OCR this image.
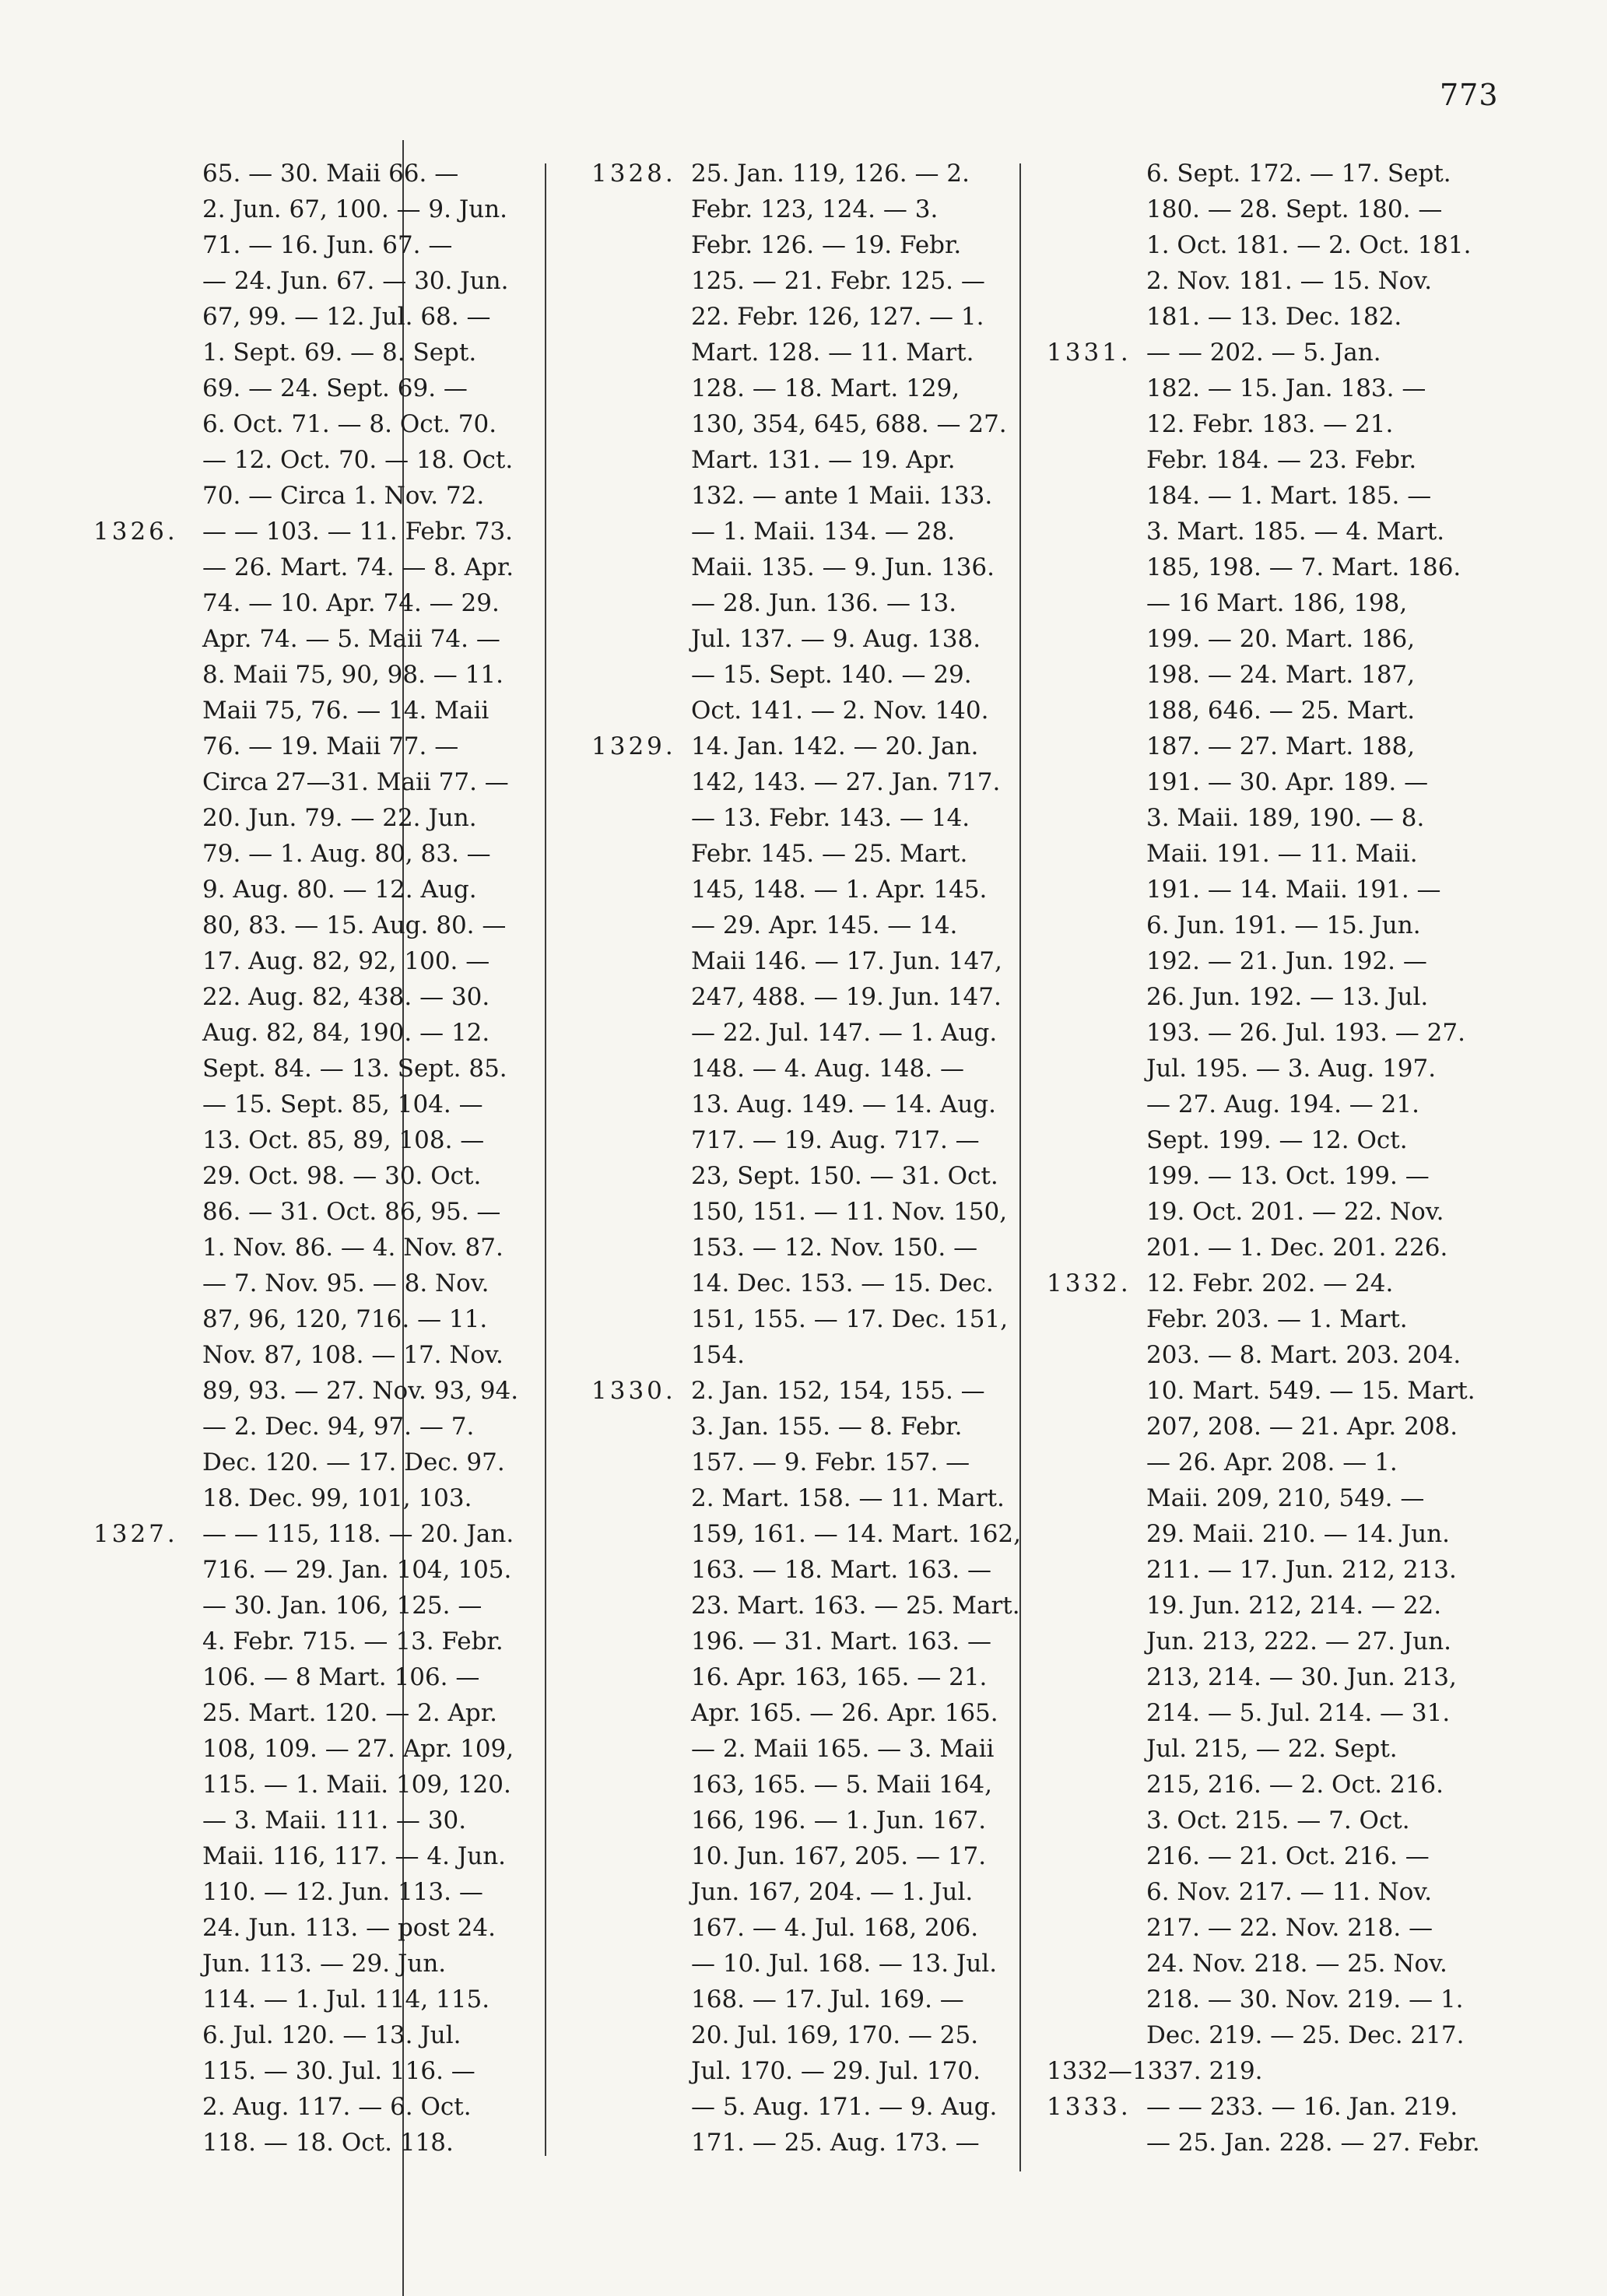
773
65. — 30. Maii 66. —
2. Jun. 67, 100. — 9. Jun.
71. — 16. Jun. 67. —
— 24. Jun. 67. — 30. Jun.
67, 99. — 12. Jul. 68. —
1. Sept. 69. — 8. Sept.
69. — 24. Sept. 69. —
6. Oct. 71. — 8. Oct. 70.
— 12. Oct. 70. — 18. Oct.
70. — Circa 1. Nov. 72.
1326. — — 103. — 11. Febr. 73.
— 26. Mart. 74. — 8. Apr.
74. — 10. Apr. 74. — 29.
Apr. 74. — 5. Maii 74. —
8. Maii 75, 90, 98. — 11.
Maii 75, 76. — 14. Maii
76. — 19. Maii 77. —
Circa 27—31. Maii 77. —
20. Jun. 79. — 22. Jun.
79. — 1. Aug. 80, 83. —
9. Aug. 80. — 12. Aug.
80, 83. — 15. Aug. 80. —
17. Aug. 82, 92, 100. —
22. Aug. 82, 438. — 30.
Aug. 82, 84, 190. — 12.
Sept. 84. — 13. Sept. 85.
— 15. Sept. 85, 104. —
13. Oct. 85, 89, 108. —
29. Oct. 98. — 30. Oct.
86. — 31. Oct. 86, 95. —
1. Nov. 86. — 4. Nov. 87.
— 7. Nov. 95. — 8. Nov.
87, 96, 120, 716. — 11.
Nov. 87, 108. — 17. Nov.
89, 93. — 27. Nov. 93, 94.
— 2. Dec. 94, 97. — 7.
Dec. 120. — 17. Dec. 97.
18. Dec. 99, 101, 103.
1327. — — 115, 118. — 20. Jan.
716. — 29. Jan. 104, 105.
— 30. Jan. 106, 125. —
4. Febr. 715. — 13. Febr.
106. — 8 Mart. 106. —
25. Mart. 120. — 2. Apr.
108, 109. — 27. Apr. 109,
115. — 1. Maii. 109, 120.
— 3. Maii. 111. — 30.
Maii. 116, 117. — 4. Jun.
110. — 12. Jun. 113. —
24. Jun. 113. — post 24.
Jun. 113. — 29. Jun.
114. — 1. Jul. 114, 115.
6. Jul. 120. — 13. Jul.
115. — 30. Jul. 116. —
2. Aug. 117. — 6. Oct.
118. — 18. Oct. 118.
1328. 25. Jan. 119, 126. — 2.
Febr. 123, 124. — 3.
Febr. 126. — 19. Febr.
125. — 21. Febr. 125. —
22. Febr. 126, 127. — 1.
Mart. 128. — 11. Mart.
128. — 18. Mart. 129,
130, 354, 645, 688. — 27.
Mart. 131. — 19. Apr.
132. — ante 1 Maii. 133.
— 1. Maii. 134. — 28.
Maii. 135. — 9. Jun. 136.
— 28. Jun. 136. — 13.
Jul. 137. — 9. Aug. 138.
— 15. Sept. 140. — 29.
Oct. 141. — 2. Nov. 140.
1329. 14. Jan. 142. — 20. Jan.
142, 143. — 27. Jan. 717.
— 13. Febr. 143. — 14.
Febr. 145. — 25. Mart.
145, 148. — 1. Apr. 145.
— 29. Apr. 145. — 14.
Maii 146. — 17. Jun. 147,
247, 488. — 19. Jun. 147.
— 22. Jul. 147. — 1. Aug.
148. — 4. Aug. 148. —
13. Aug. 149. — 14. Aug.
717. — 19. Aug. 717. —
23, Sept. 150. — 31. Oct.
150, 151. — 11. Nov. 150,
153. — 12. Nov. 150. —
14. Dec. 153. — 15. Dec.
151, 155. — 17. Dec. 151,
154.
1330. 2. Jan. 152, 154, 155. —
3. Jan. 155. — 8. Febr.
157. — 9. Febr. 157. —
2. Mart. 158. — 11. Mart.
159, 161. — 14. Mart. 162,
163. — 18. Mart. 163. —
23. Mart. 163. — 25. Mart.
196. — 31. Mart. 163. —
16. Apr. 163, 165. — 21.
Apr. 165. — 26. Apr. 165.
— 2. Maii 165. — 3. Maii
163, 165. — 5. Maii 164,
166, 196. — 1. Jun. 167.
10. Jun. 167, 205. — 17.
Jun. 167, 204. — 1. Jul.
167. — 4. Jul. 168, 206.
— 10. Jul. 168. — 13. Jul.
168. — 17. Jul. 169. —
20. Jul. 169, 170. — 25.
Jul. 170. — 29. Jul. 170.
— 5. Aug. 171. — 9. Aug.
171. — 25. Aug. 173. —
6. Sept. 172. — 17. Sept.
180. — 28. Sept. 180. —
1. Oct. 181. — 2. Oct. 181.
2. Nov. 181. — 15. Nov.
181. — 13. Dec. 182.
1331. — — 202. — 5. Jan.
182. — 15. Jan. 183. —
12. Febr. 183. — 21.
Febr. 184. — 23. Febr.
184. — 1. Mart. 185. —
3. Mart. 185. — 4. Mart.
185, 198. — 7. Mart. 186.
— 16 Mart. 186, 198,
199. — 20. Mart. 186,
198. — 24. Mart. 187,
188, 646. — 25. Mart.
187. — 27. Mart. 188,
191. — 30. Apr. 189. —
3. Maii. 189, 190. — 8.
Maii. 191. — 11. Maii.
191. — 14. Maii. 191. —
6. Jun. 191. — 15. Jun.
192. — 21. Jun. 192. —
26. Jun. 192. — 13. Jul.
193. — 26. Jul. 193. — 27.
Jul. 195. — 3. Aug. 197.
— 27. Aug. 194. — 21.
Sept. 199. — 12. Oct.
199. — 13. Oct. 199. —
19. Oct. 201. — 22. Nov.
201. — 1. Dec. 201. 226.
1332. 12. Febr. 202. — 24.
Febr. 203. — 1. Mart.
203. — 8. Mart. 203. 204.
10. Mart. 549. — 15. Mart.
207, 208. — 21. Apr. 208.
— 26. Apr. 208. — 1.
Maii. 209, 210, 549. —
29. Maii. 210. — 14. Jun.
211. — 17. Jun. 212, 213.
19. Jun. 212, 214. — 22.
Jun. 213, 222. — 27. Jun.
213, 214. — 30. Jun. 213,
214. — 5. Jul. 214. — 31.
Jul. 215, — 22. Sept.
215, 216. — 2. Oct. 216.
3. Oct. 215. — 7. Oct.
216. — 21. Oct. 216. —
6. Nov. 217. — 11. Nov.
217. — 22. Nov. 218. —
24. Nov. 218. — 25. Nov.
218. — 30. Nov. 219. — 1.
Dec. 219. — 25. Dec. 217.
1332—1337. 219.
1333. — — 233. — 16. Jan. 219.
— 25. Jan. 228. — 27. Febr.
